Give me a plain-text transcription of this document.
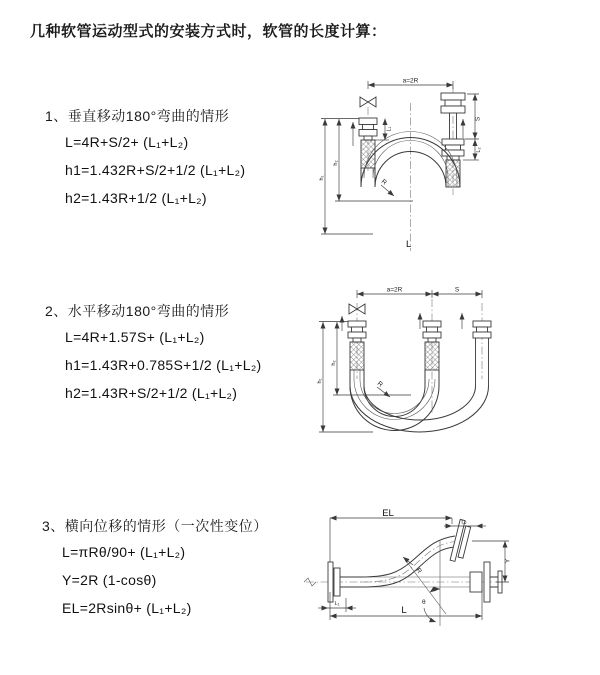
几种软管运动型式的安装方式时，软管的长度计算：
1、垂直移动180°弯曲的情形
L=4R+S/2+ (L₁+L₂)
h1=1.432R+S/2+1/2 (L₁+L₂)
h2=1.43R+1/2 (L₁+L₂)
2、水平移动180°弯曲的情形
L=4R+1.57S+ (L₁+L₂)
h1=1.43R+0.785S+1/2 (L₁+L₂)
h2=1.43R+S/2+1/2 (L₁+L₂)
3、横向位移的情形（一次性变位）
L=πRθ/90+ (L₁+L₂)
Y=2R (1-cosθ)
EL=2Rsinθ+ (L₁+L₂)
a=2R
S
L₂
L₁
h₂
h₁
R
L
a=2R	S
h₂
h₁	R
EL
L₂
Y
L
L₁	θ
R
